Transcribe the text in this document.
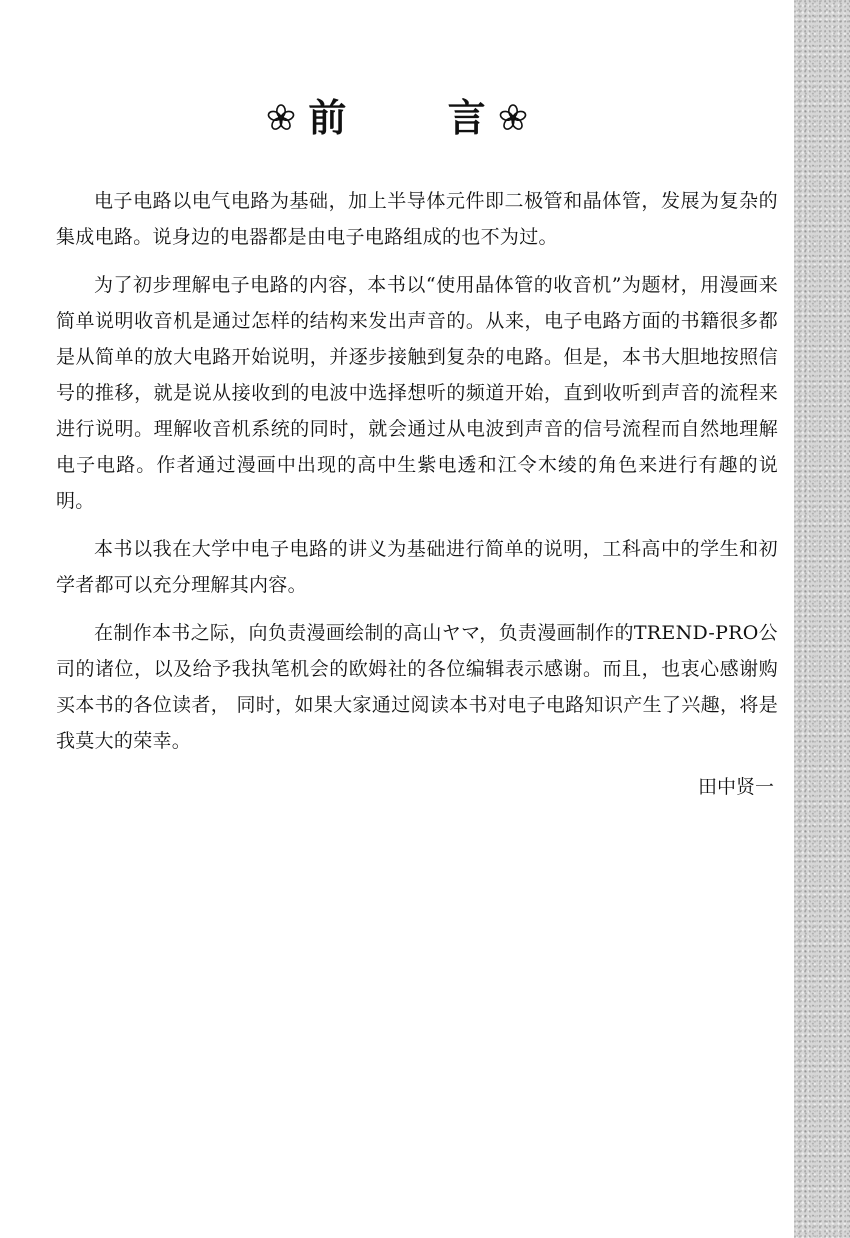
前 言

电子电路以电气电路为基础，加上半导体元件即二极管和晶体管，发展为复杂的集成电路。说身边的电器都是由电子电路组成的也不为过。

为了初步理解电子电路的内容，本书以“使用晶体管的收音机”为题材，用漫画来简单说明收音机是通过怎样的结构来发出声音的。从来，电子电路方面的书籍很多都是从简单的放大电路开始说明，并逐步接触到复杂的电路。但是，本书大胆地按照信号的推移，就是说从接收到的电波中选择想听的频道开始，直到收听到声音的流程来进行说明。理解收音机系统的同时，就会通过从电波到声音的信号流程而自然地理解电子电路。作者通过漫画中出现的高中生紫电透和江令木绫的角色来进行有趣的说明。

本书以我在大学中电子电路的讲义为基础进行简单的说明，工科高中的学生和初学者都可以充分理解其内容。

在制作本书之际，向负责漫画绘制的高山ヤマ，负责漫画制作的TREND-PRO公司的诸位，以及给予我执笔机会的欧姆社的各位编辑表示感谢。而且，也衷心感谢购买本书的各位读者， 同时，如果大家通过阅读本书对电子电路知识产生了兴趣，将是我莫大的荣幸。

田中贤一
